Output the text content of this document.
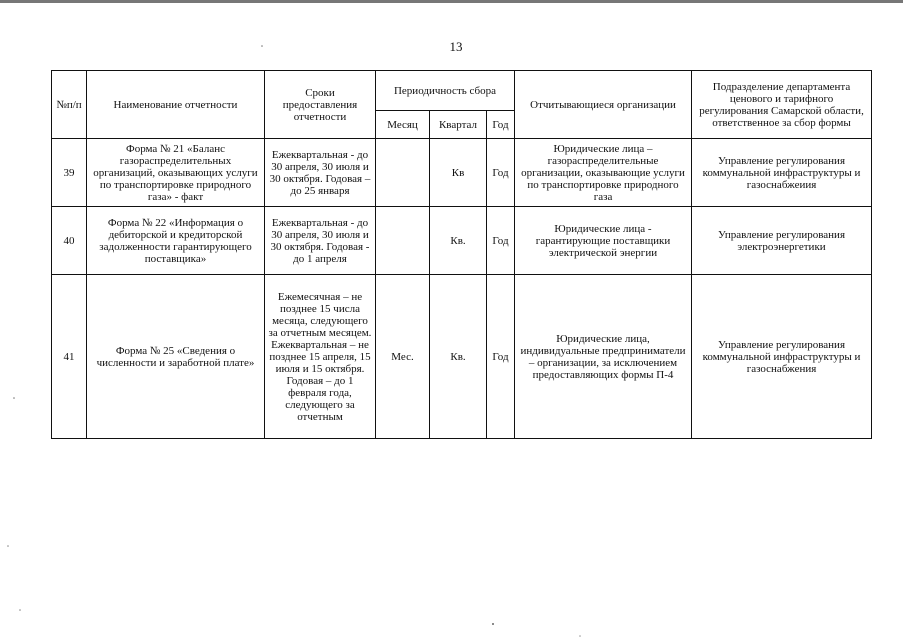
13
№п/п	Наименование отчетности	Сроки предоставления отчетности	Периодичность сбора			Отчитывающиеся организации	Подразделение департамента ценового и тарифного регулирования Самарской области, ответственное за сбор формы
			Месяц	Квартал	Год		
39	Форма № 21 «Баланс газораспределительных организаций, оказывающих услуги по транспортировке природного газа» - факт	Ежеквартальная - до 30 апреля, 30 июля и 30 октября. Годовая – до 25 января		Кв	Год	Юридические лица – газораспределительные организации, оказывающие услуги по транспортировке природного газа	Управление регулирования коммунальной инфраструктуры и газоснабжеиия
40	Форма № 22 «Информация о дебиторской и кредиторской задолженности гарантирующего поставщика»	Ежеквартальная - до 30 апреля, 30 июля и 30 октября. Годовая - до 1 апреля		Кв.	Год	Юридические лица - гарантирующие поставщики электрической энергии	Управление регулирования электроэнергетики
41	Форма № 25 «Сведения о численности и заработной плате»	Ежемесячная – не позднее 15 числа месяца, следующего за отчетным месяцем. Ежеквартальная – не позднее 15 апреля, 15 июля и 15 октября. Годовая – до 1 февраля года, следующего за отчетным	Мес.	Кв.	Год	Юридические лица, индивидуальные предприниматели – организации, за исключением предоставляющих формы П-4	Управление регулирования коммунальной инфраструктуры и газоснабжения
